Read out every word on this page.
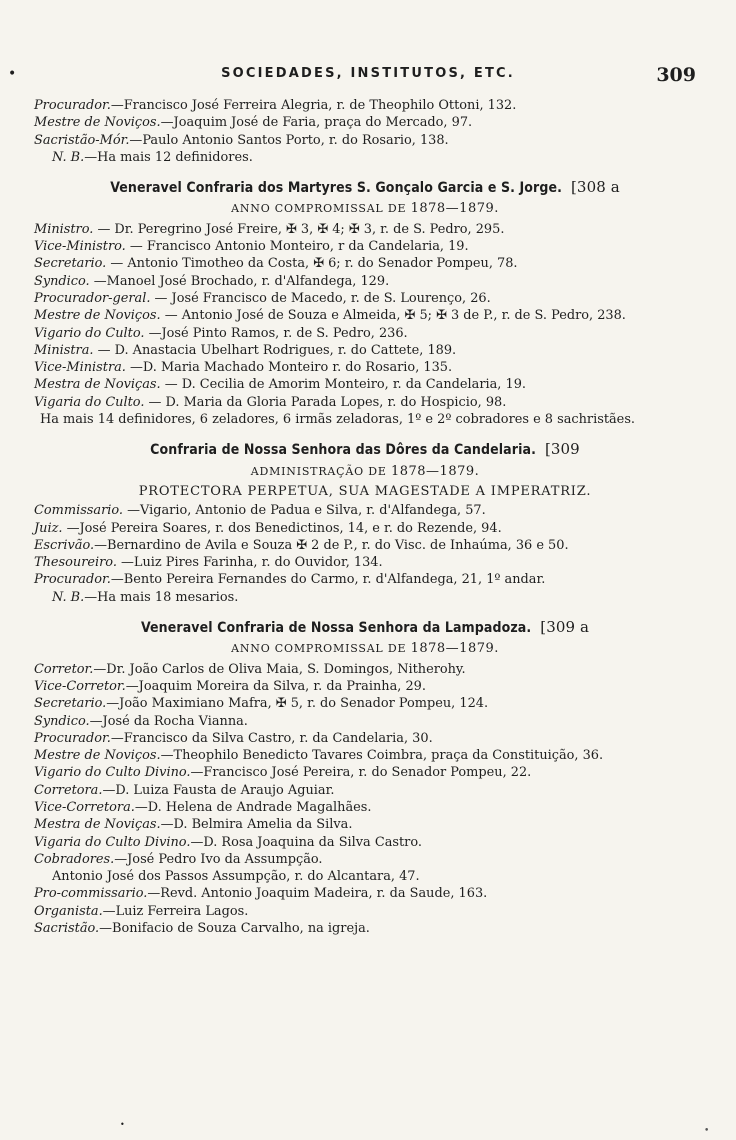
•	SOCIEDADES, INSTITUTOS, ETC.	309

Procurador.—Francisco José Ferreira Alegria, r. de Theophilo Ottoni, 132.

Mestre de Noviços.—Joaquim José de Faria, praça do Mercado, 97.

Sacristão-Mór.—Paulo Antonio Santos Porto, r. do Rosario, 138.

N. B.—Ha mais 12 definidores.

Veneravel Confraria dos Martyres S. Gonçalo Garcia e S. Jorge. [308 a
ANNO COMPROMISSAL DE 1878—1879.

Ministro. — Dr. Peregrino José Freire, ✠ 3, ✠ 4; ✠ 3, r. de S. Pedro, 295.

Vice-Ministro. — Francisco Antonio Monteiro, r da Candelaria, 19.

Secretario. — Antonio Timotheo da Costa, ✠ 6; r. do Senador Pompeu, 78.

Syndico. —Manoel José Brochado, r. d'Alfandega, 129.

Procurador-geral. — José Francisco de Macedo, r. de S. Lourenço, 26.

Mestre de Noviços. — Antonio José de Souza e Almeida, ✠ 5; ✠ 3 de P., r. de S. Pedro, 238.

Vigario do Culto. —José Pinto Ramos, r. de S. Pedro, 236.

Ministra. — D. Anastacia Ubelhart Rodrigues, r. do Cattete, 189.

Vice-Ministra. —D. Maria Machado Monteiro r. do Rosario, 135.

Mestra de Noviças. — D. Cecilia de Amorim Monteiro, r. da Candelaria, 19.

Vigaria do Culto. — D. Maria da Gloria Parada Lopes, r. do Hospicio, 98.

Ha mais 14 definidores, 6 zeladores, 6 irmãs zeladoras, 1º e 2º cobradores e 8 sachristães.

Confraria de Nossa Senhora das Dôres da Candelaria. [309
ADMINISTRAÇÃO DE 1878—1879.
PROTECTORA PERPETUA, SUA MAGESTADE A IMPERATRIZ.

Commissario. —Vigario, Antonio de Padua e Silva, r. d'Alfandega, 57.

Juiz. —José Pereira Soares, r. dos Benedictinos, 14, e r. do Rezende, 94.

Escrivão.—Bernardino de Avila e Souza ✠ 2 de P., r. do Visc. de Inhaúma, 36 e 50.

Thesoureiro. —Luiz Pires Farinha, r. do Ouvidor, 134.

Procurador.—Bento Pereira Fernandes do Carmo, r. d'Alfandega, 21, 1º andar.

N. B.—Ha mais 18 mesarios.

Veneravel Confraria de Nossa Senhora da Lampadoza. [309 a
ANNO COMPROMISSAL DE 1878—1879.

Corretor.—Dr. João Carlos de Oliva Maia, S. Domingos, Nitherohy.

Vice-Corretor.—Joaquim Moreira da Silva, r. da Prainha, 29.

Secretario.—João Maximiano Mafra, ✠ 5, r. do Senador Pompeu, 124.

Syndico.—José da Rocha Vianna.

Procurador.—Francisco da Silva Castro, r. da Candelaria, 30.

Mestre de Noviços.—Theophilo Benedicto Tavares Coimbra, praça da Constituição, 36.

Vigario do Culto Divino.—Francisco José Pereira, r. do Senador Pompeu, 22.

Corretora.—D. Luiza Fausta de Araujo Aguiar.

Vice-Corretora.—D. Helena de Andrade Magalhães.

Mestra de Noviças.—D. Belmira Amelia da Silva.

Vigaria do Culto Divino.—D. Rosa Joaquina da Silva Castro.

Cobradores.—José Pedro Ivo da Assumpção.

Antonio José dos Passos Assumpção, r. do Alcantara, 47.

Pro-commissario.—Revd. Antonio Joaquim Madeira, r. da Saude, 163.

Organista.—Luiz Ferreira Lagos.

Sacristão.—Bonifacio de Souza Carvalho, na igreja.

•
•
